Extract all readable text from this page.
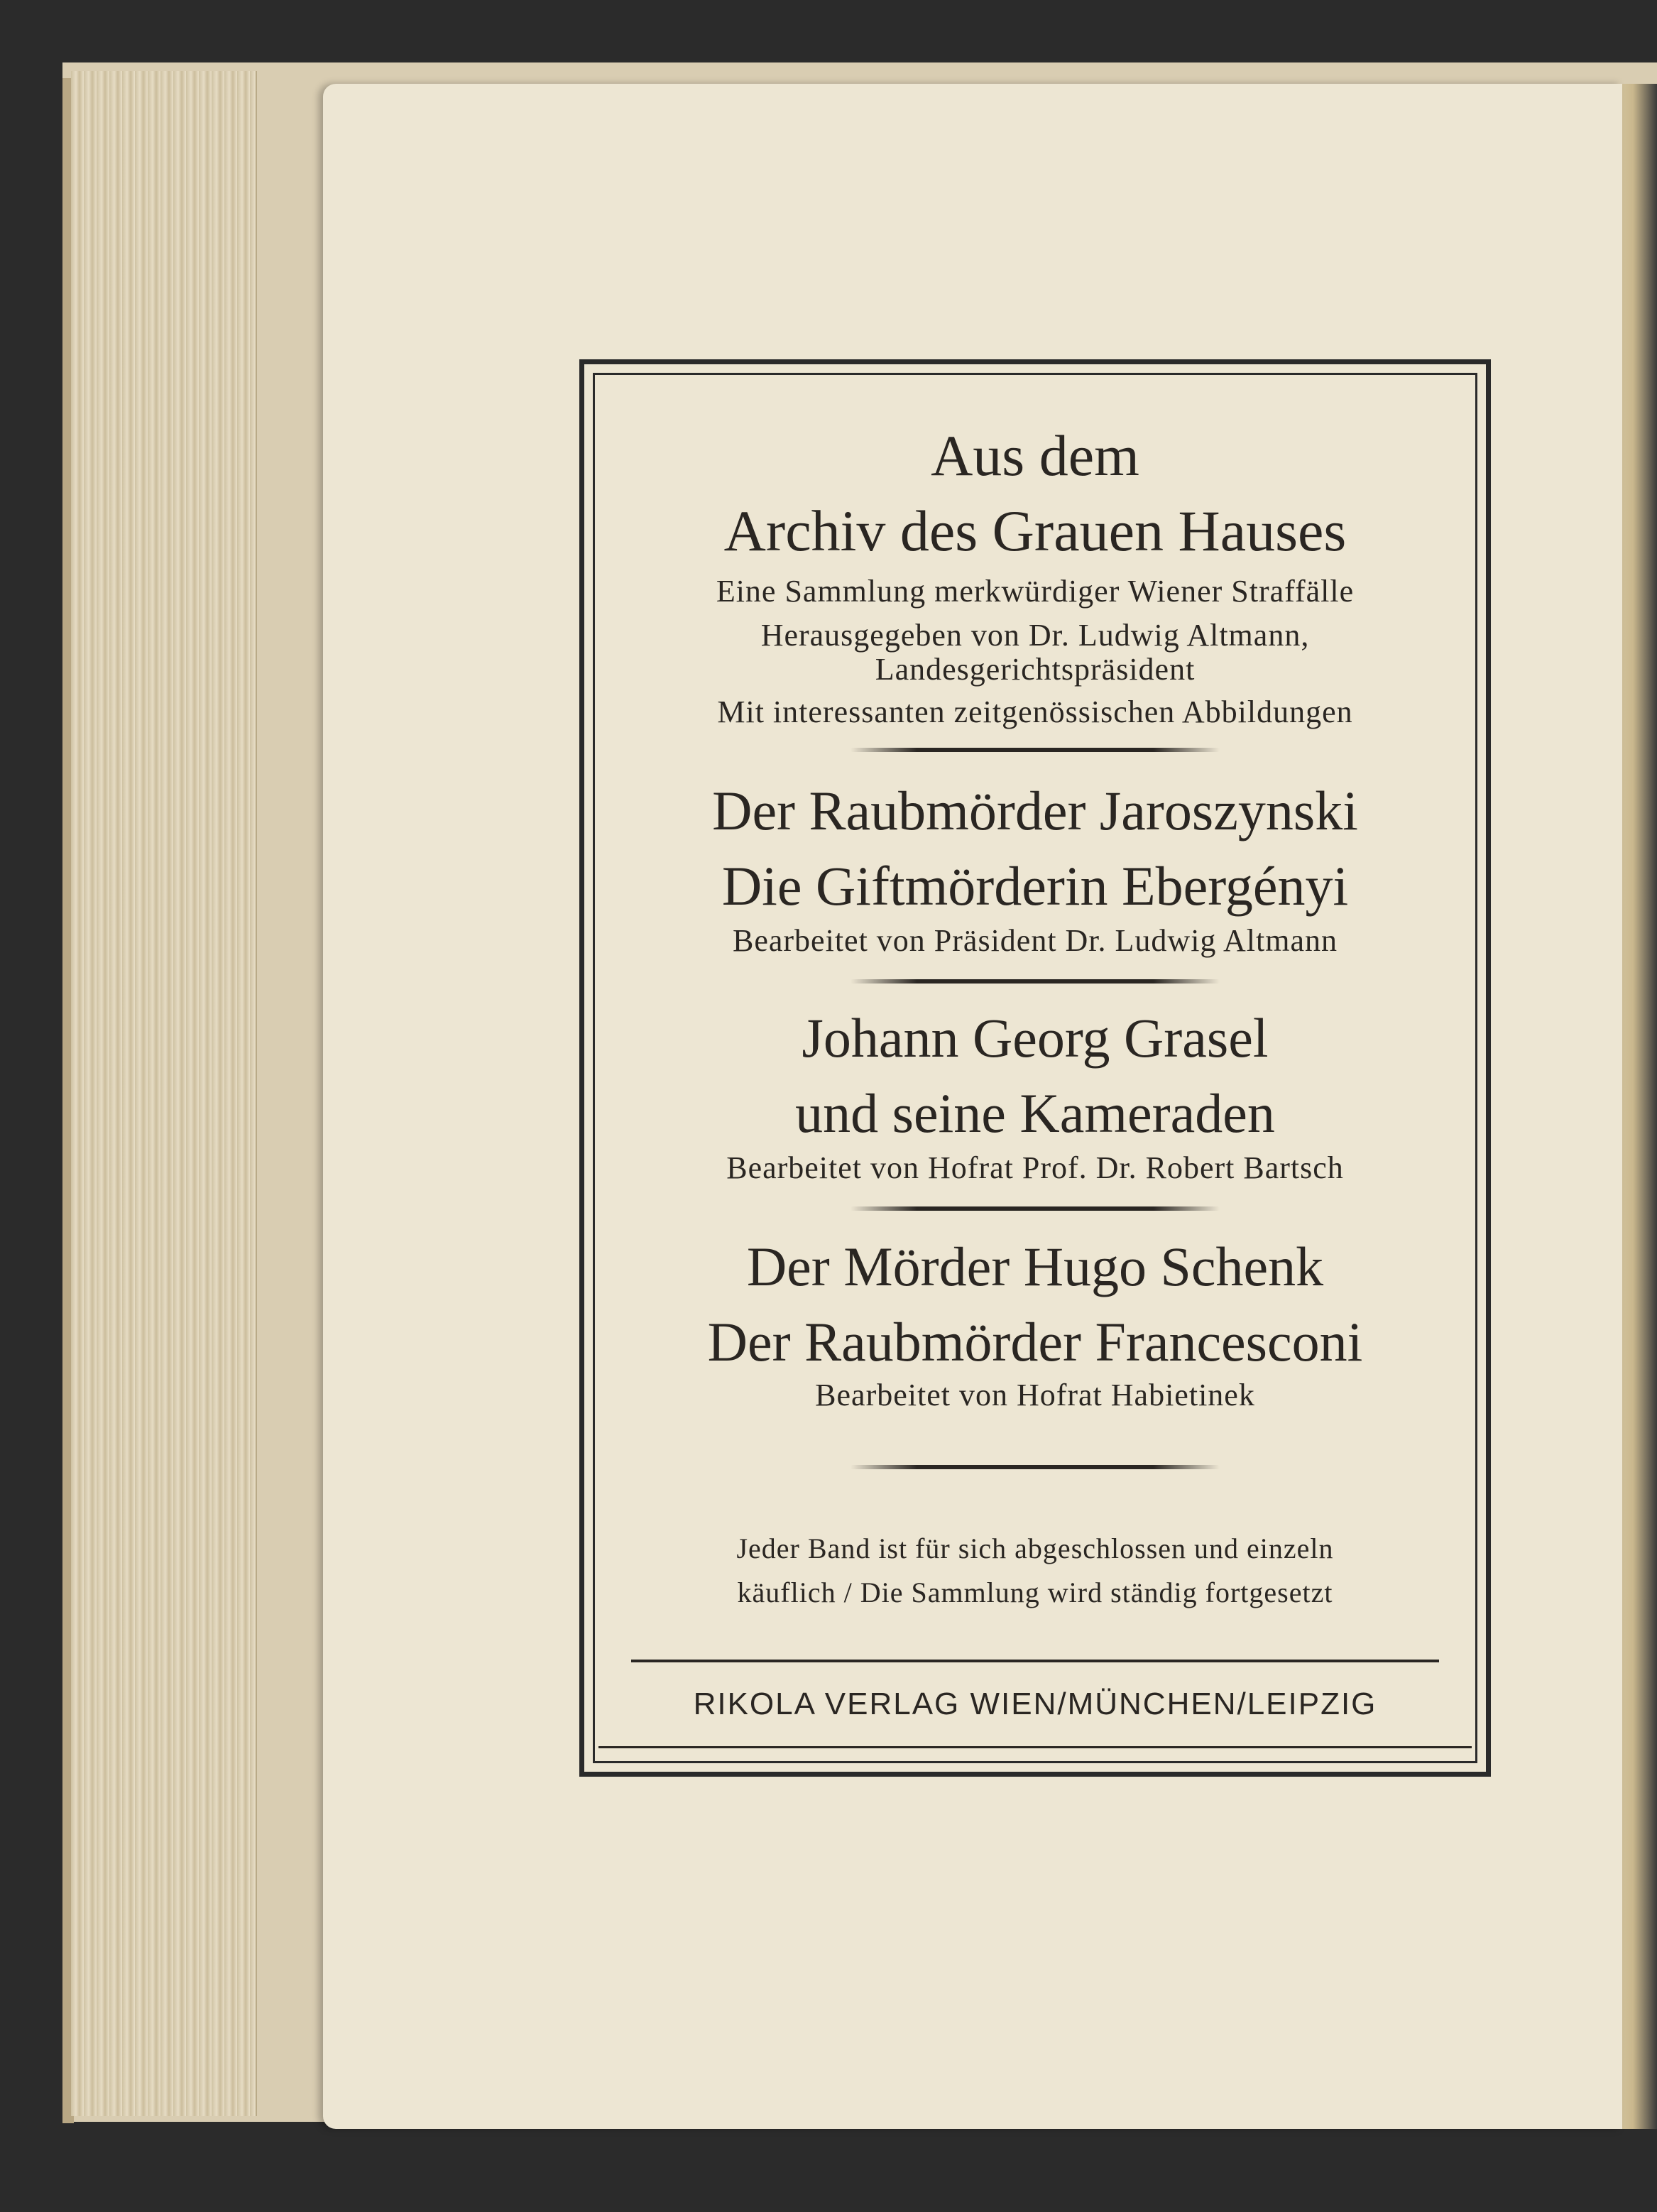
Aus dem
Archiv des Grauen Hauses
Eine Sammlung merkwürdiger Wiener Straffälle
Herausgegeben von Dr. Ludwig Altmann,
Landesgerichtspräsident
Mit interessanten zeitgenössischen Abbildungen
Der Raubmörder Jaroszynski
Die Giftmörderin Ebergényi
Bearbeitet von Präsident Dr. Ludwig Altmann
Johann Georg Grasel
und seine Kameraden
Bearbeitet von Hofrat Prof. Dr. Robert Bartsch
Der Mörder Hugo Schenk
Der Raubmörder Francesconi
Bearbeitet von Hofrat Habietinek
Jeder Band ist für sich abgeschlossen und einzeln
käuflich / Die Sammlung wird ständig fortgesetzt
RIKOLA VERLAG WIEN/MÜNCHEN/LEIPZIG
